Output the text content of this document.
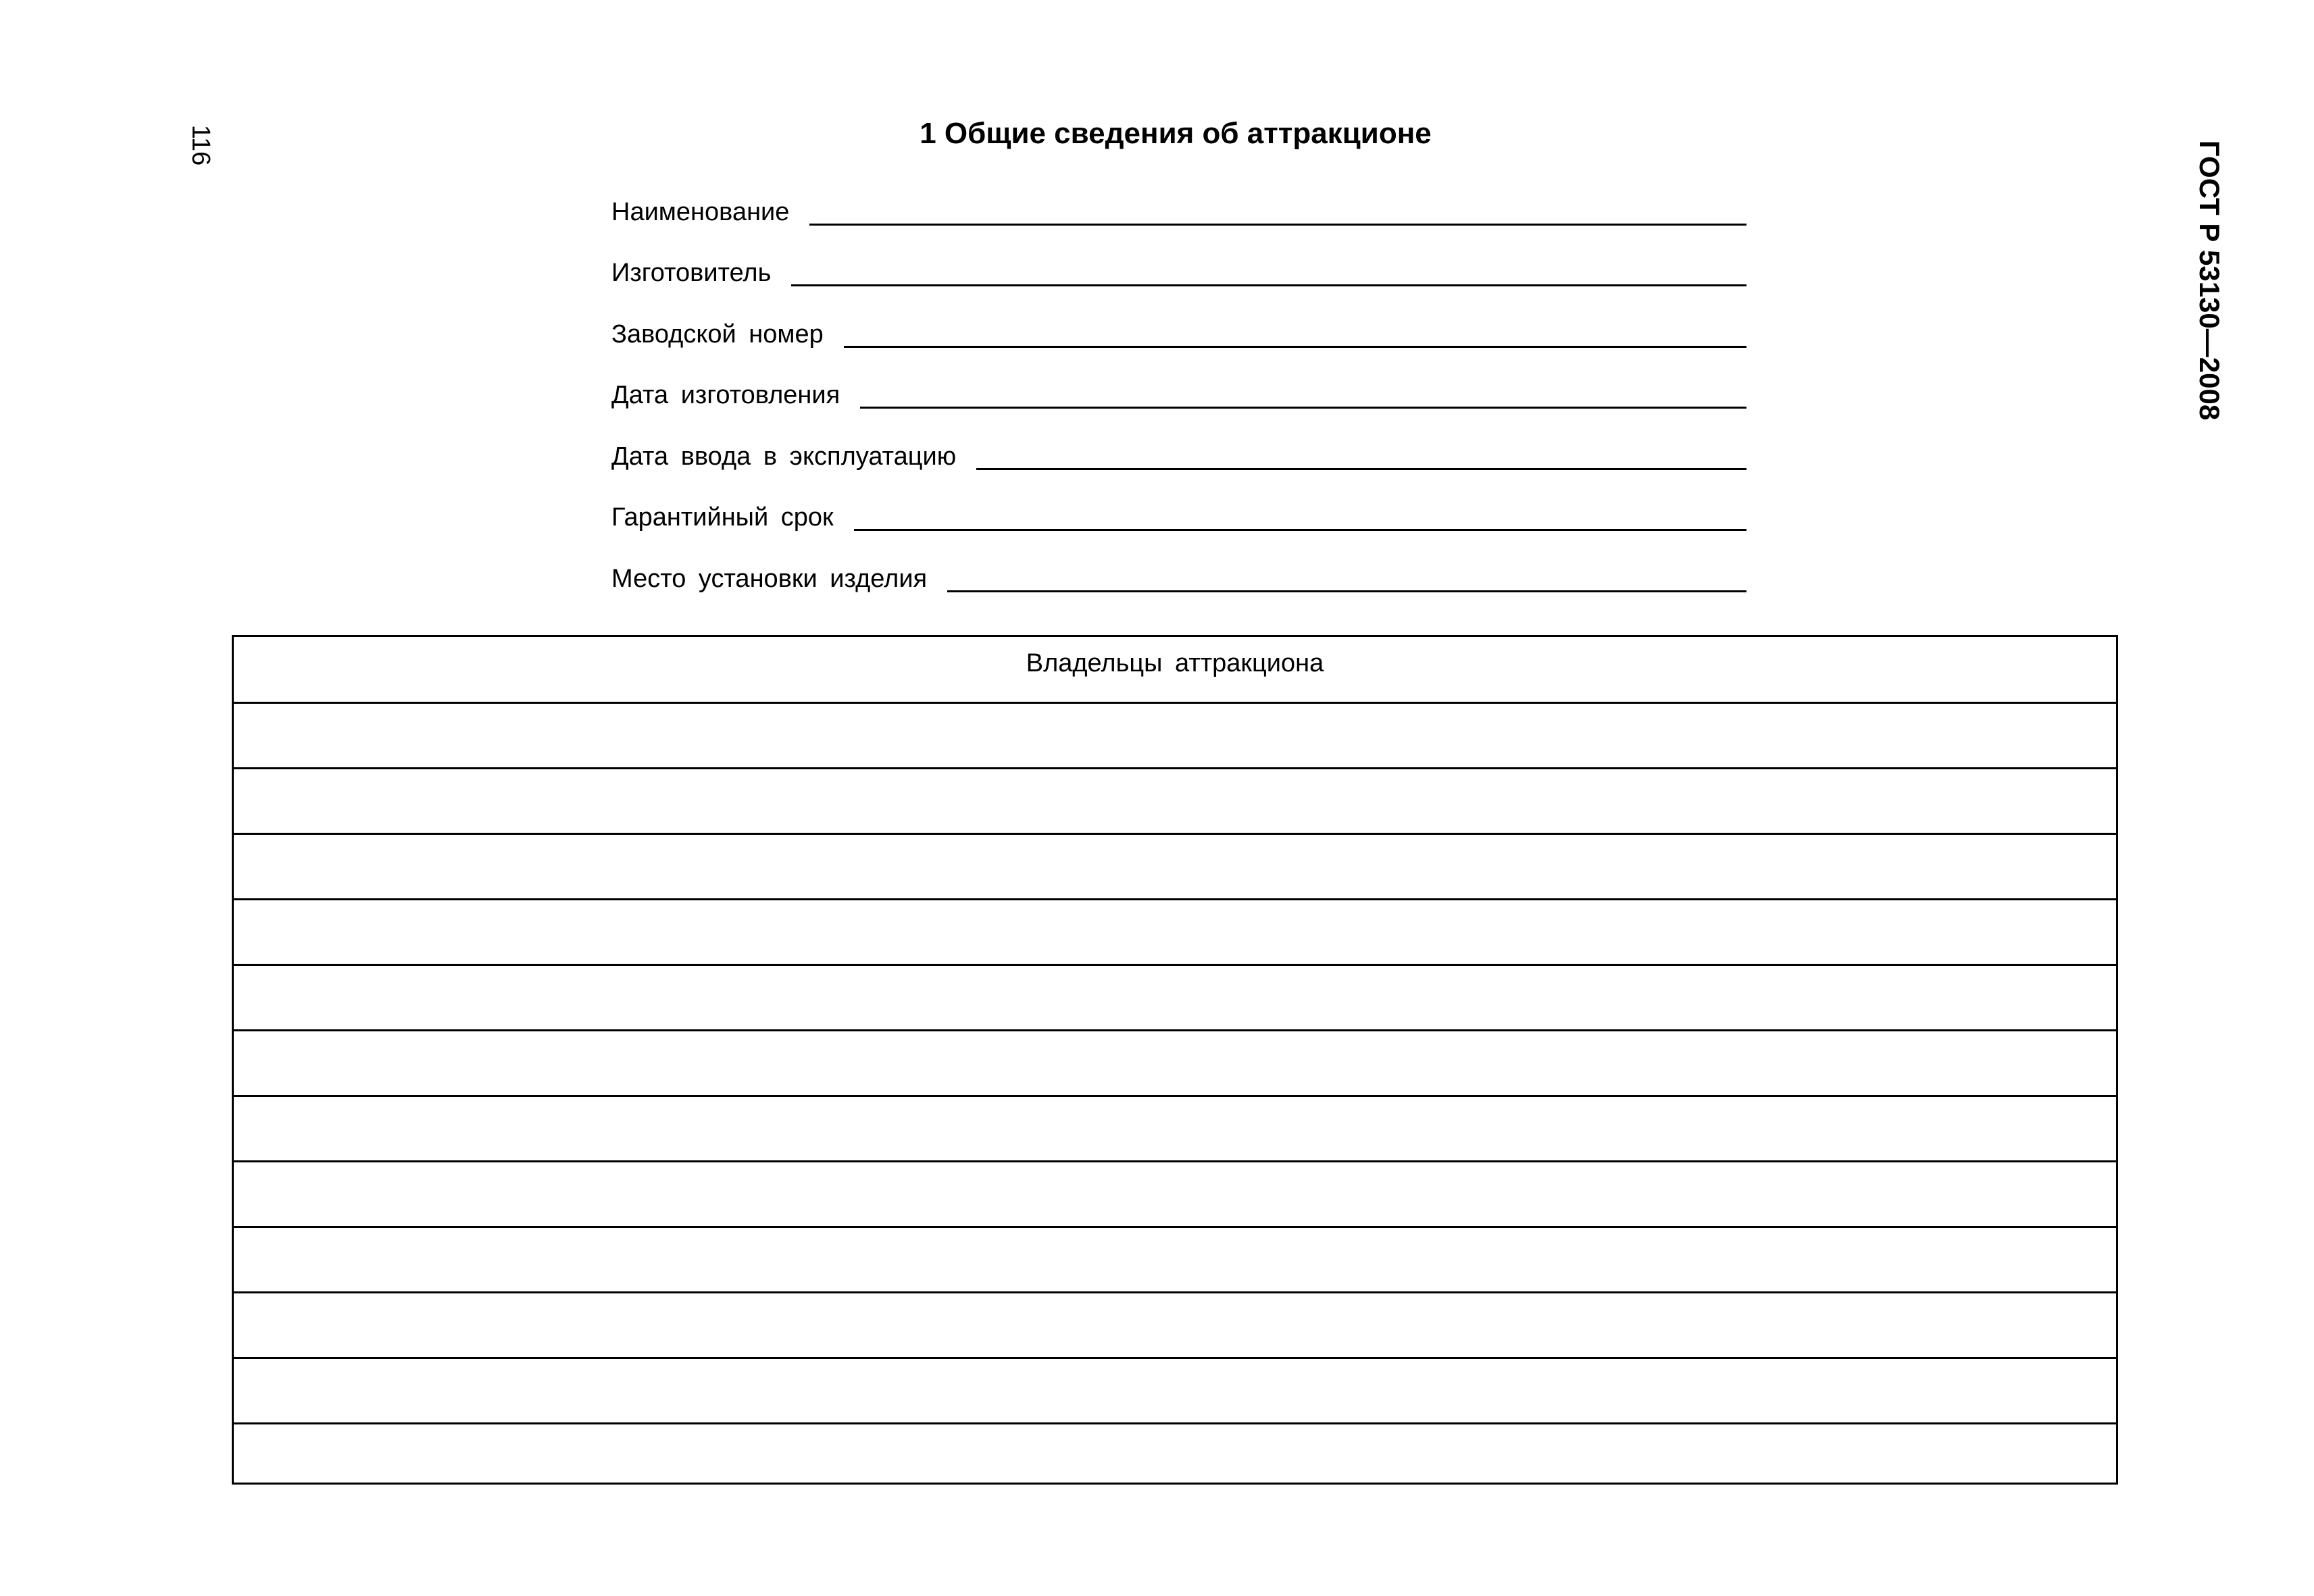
116	ГОСТ Р 53130—2008
1 Общие сведения об аттракционе
Наименование
Изготовитель
Заводской номер
Дата изготовления
Дата ввода в эксплуатацию
Гарантийный срок
Место установки изделия
Владельцы аттракциона
